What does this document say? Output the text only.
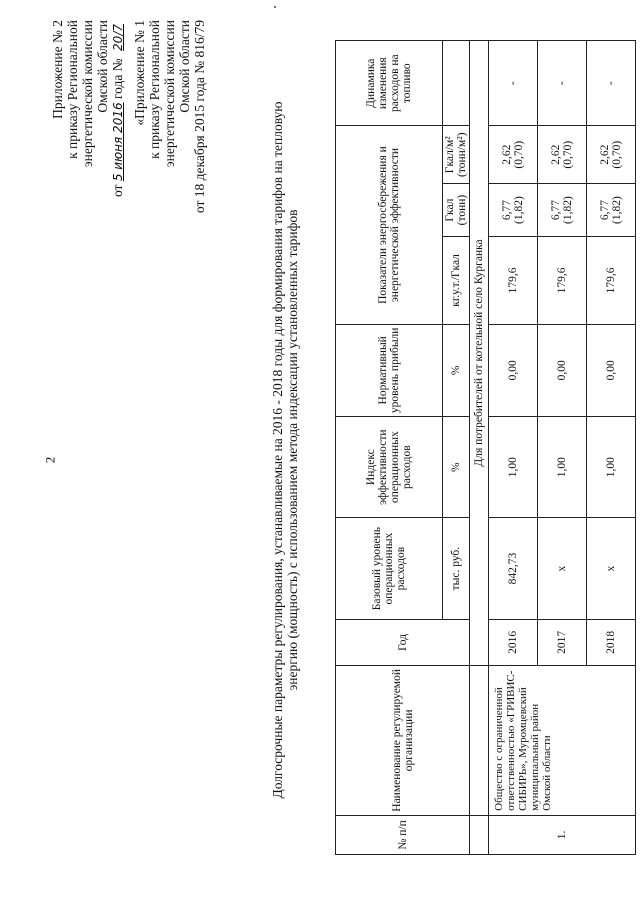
2
Приложение № 2 к приказу Региональной энергетической комиссии Омской области
от 5 июня 2016 года № 20/7 «Приложение № 1 к приказу Региональной энергетической комиссии Омской области от 18 декабря 2015 года № 816/79	Долгосрочные параметры регулирования, устанавливаемые на 2016 - 2018 годы для формирования тарифов на тепловую энергию (мощность) с использованием метода индексации установленных тарифов
№ п/п	Наименование регулируемой организации	Год	Базовый уровень операционных расходов	Индекс эффективности операционных расходов	Нормативный уровень прибыли	Показатели энергосбережения и энергетической эффективности			Динамика изменения расходов на топливо
			тыс. руб.	%	%	кг.у.т./Гкал	Гкал (тонн)	Гкал/м² (тонн/м²)	

		Для потребителей от котельной село Курганка							
1.	Общество с ограниченной ответственностью «ГРИВИС-СИБИРЬ», Муромцевский муниципальный район Омской области	2016	842,73	1,00	0,00	179,6	6,77 (1,82)	2,62 (0,70)	-
		2017	х	1,00	0,00	179,6	6,77 (1,82)	2,62 (0,70)	-
		2018	х	1,00	0,00	179,6	6,77 (1,82)	2,62 (0,70)	-
